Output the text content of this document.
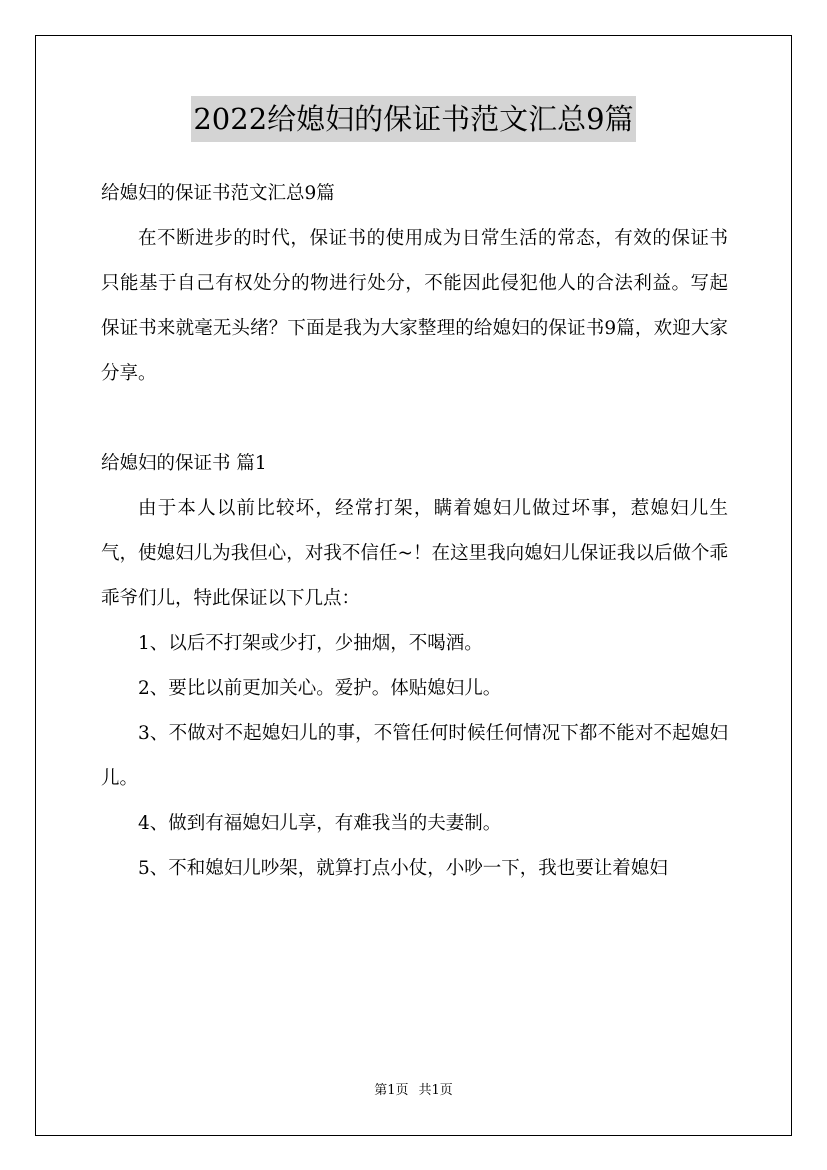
2022给媳妇的保证书范文汇总9篇

给媳妇的保证书范文汇总9篇

在不断进步的时代，保证书的使用成为日常生活的常态，有效的保证书只能基于自己有权处分的物进行处分，不能因此侵犯他人的合法利益。写起保证书来就毫无头绪？下面是我为大家整理的给媳妇的保证书9篇，欢迎大家分享。

给媳妇的保证书 篇1

由于本人以前比较坏，经常打架，瞒着媳妇儿做过坏事，惹媳妇儿生气，使媳妇儿为我但心，对我不信任~！在这里我向媳妇儿保证我以后做个乖乖爷们儿，特此保证以下几点：

1、以后不打架或少打，少抽烟，不喝酒。

2、要比以前更加关心。爱护。体贴媳妇儿。

3、不做对不起媳妇儿的事，不管任何时候任何情况下都不能对不起媳妇儿。

4、做到有福媳妇儿享，有难我当的夫妻制。

5、不和媳妇儿吵架，就算打点小仗，小吵一下，我也要让着媳妇

第1页 共1页
